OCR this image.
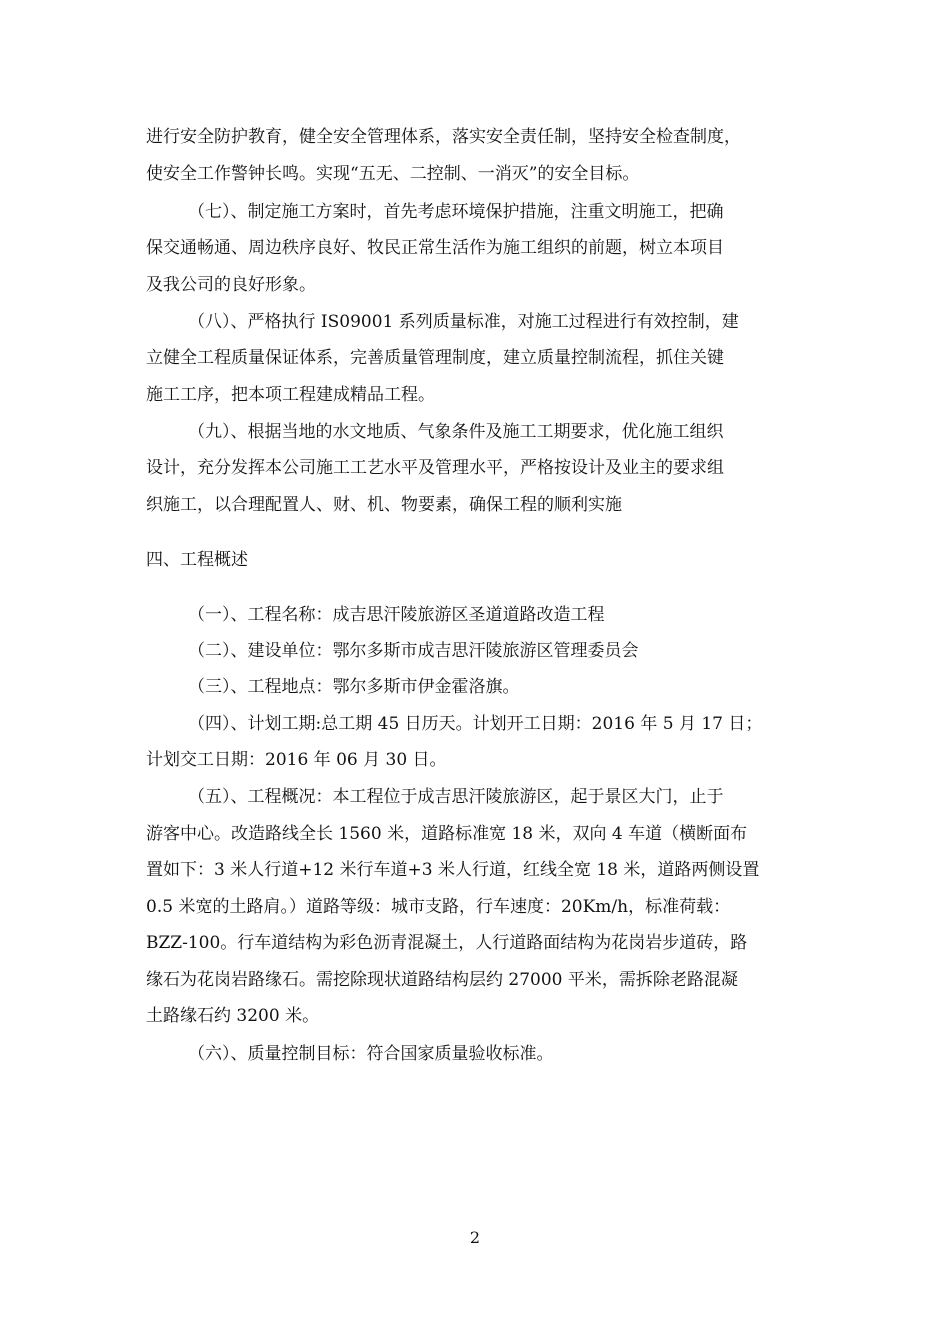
进行安全防护教育，健全安全管理体系，落实安全责任制，坚持安全检查制度，
使安全工作警钟长鸣。实现“五无、二控制、一消灭”的安全目标。
（七）、制定施工方案时，首先考虑环境保护措施，注重文明施工，把确
保交通畅通、周边秩序良好、牧民正常生活作为施工组织的前题，树立本项目
及我公司的良好形象。
（八）、严格执行 IS09001 系列质量标准，对施工过程进行有效控制，建
立健全工程质量保证体系，完善质量管理制度，建立质量控制流程，抓住关键
施工工序，把本项工程建成精品工程。
（九）、根据当地的水文地质、气象条件及施工工期要求，优化施工组织
设计，充分发挥本公司施工工艺水平及管理水平，严格按设计及业主的要求组
织施工，以合理配置人、财、机、物要素，确保工程的顺利实施
四、工程概述
（一）、工程名称：成吉思汗陵旅游区圣道道路改造工程
（二）、建设单位：鄂尔多斯市成吉思汗陵旅游区管理委员会
（三）、工程地点：鄂尔多斯市伊金霍洛旗。
（四）、计划工期:总工期 45 日历天。计划开工日期：2016 年 5 月 17 日；
计划交工日期：2016 年 06 月 30 日。
（五）、工程概况：本工程位于成吉思汗陵旅游区，起于景区大门，止于
游客中心。改造路线全长 1560 米，道路标准宽 18 米，双向 4 车道（横断面布
置如下：3 米人行道+12 米行车道+3 米人行道，红线全宽 18 米，道路两侧设置
0.5 米宽的土路肩。）道路等级：城市支路，行车速度：20Km/h，标准荷载：
BZZ-100。行车道结构为彩色沥青混凝土，人行道路面结构为花岗岩步道砖，路
缘石为花岗岩路缘石。需挖除现状道路结构层约 27000 平米，需拆除老路混凝
土路缘石约 3200 米。
（六）、质量控制目标：符合国家质量验收标准。
2
